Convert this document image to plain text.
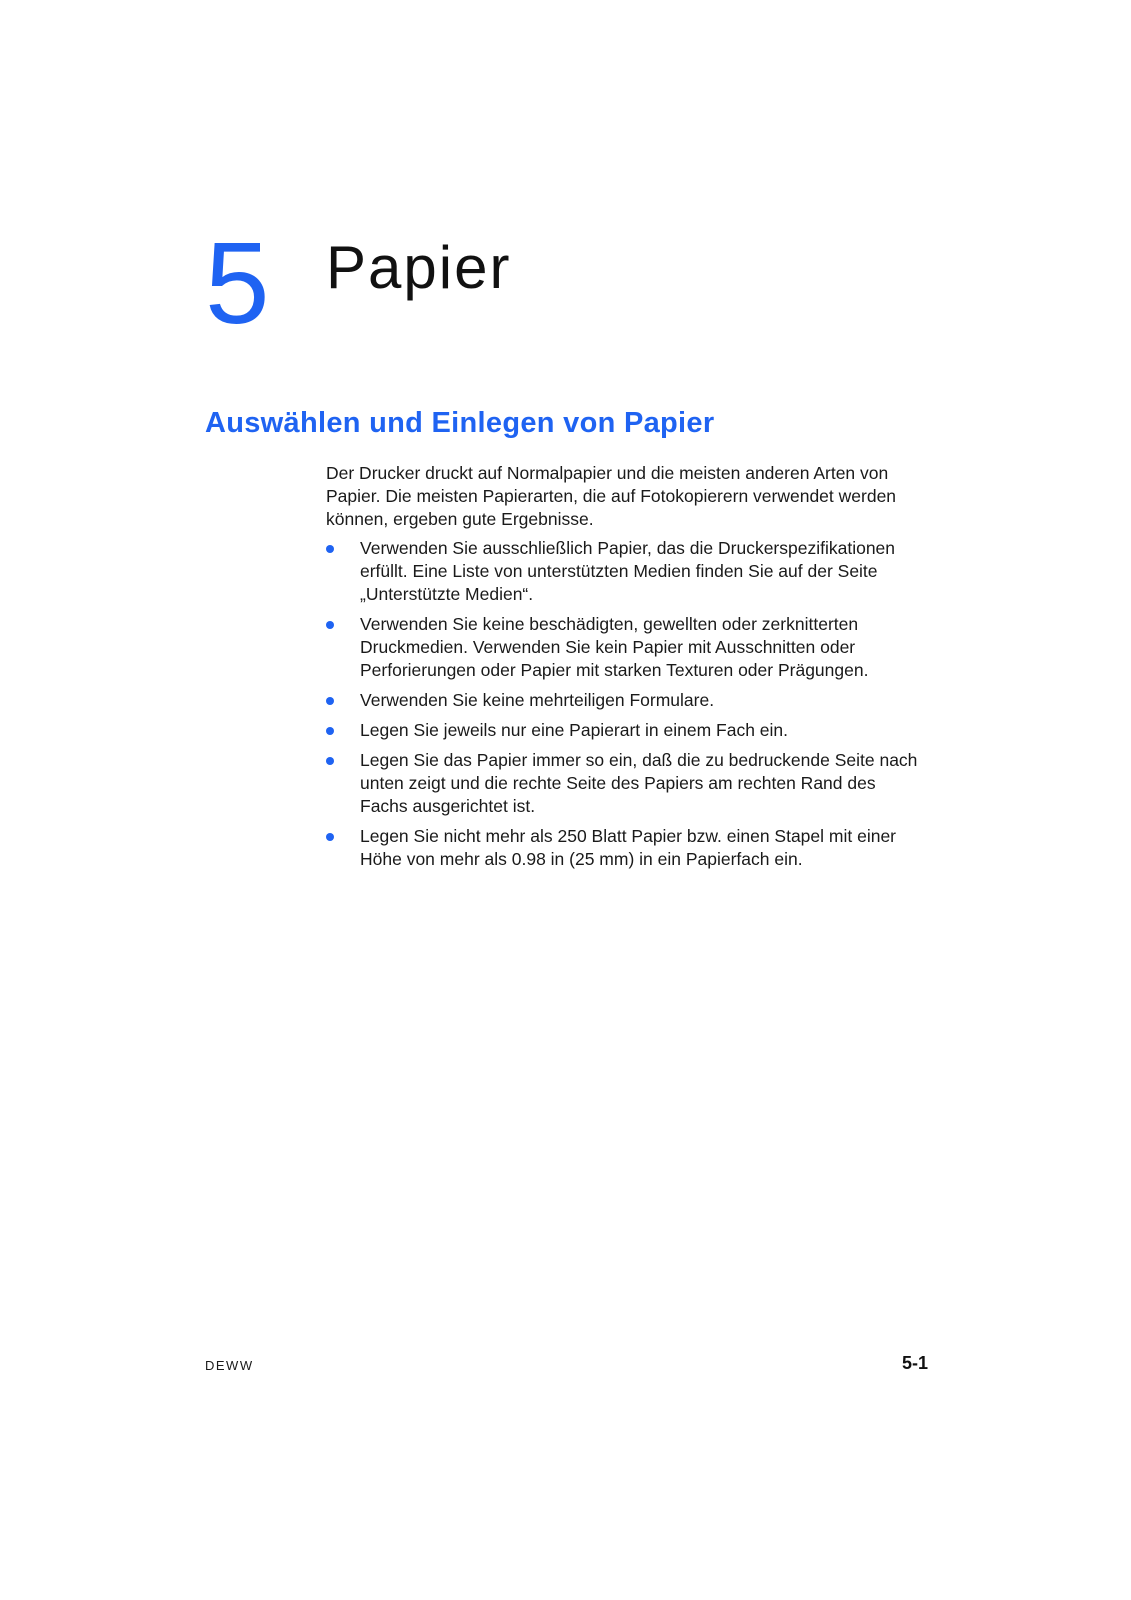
5 Papier
Auswählen und Einlegen von Papier

Der Drucker druckt auf Normalpapier und die meisten anderen Arten von Papier. Die meisten Papierarten, die auf Fotokopierern verwendet werden können, ergeben gute Ergebnisse.

Verwenden Sie ausschließlich Papier, das die Druckerspezifikationen erfüllt. Eine Liste von unterstützten Medien finden Sie auf der Seite „Unterstützte Medien“.
Verwenden Sie keine beschädigten, gewellten oder zerknitterten Druckmedien. Verwenden Sie kein Papier mit Ausschnitten oder Perforierungen oder Papier mit starken Texturen oder Prägungen.
Verwenden Sie keine mehrteiligen Formulare.
Legen Sie jeweils nur eine Papierart in einem Fach ein.
Legen Sie das Papier immer so ein, daß die zu bedruckende Seite nach unten zeigt und die rechte Seite des Papiers am rechten Rand des Fachs ausgerichtet ist.
Legen Sie nicht mehr als 250 Blatt Papier bzw. einen Stapel mit einer Höhe von mehr als 0.98 in (25 mm) in ein Papierfach ein.
DEWW	5-1
